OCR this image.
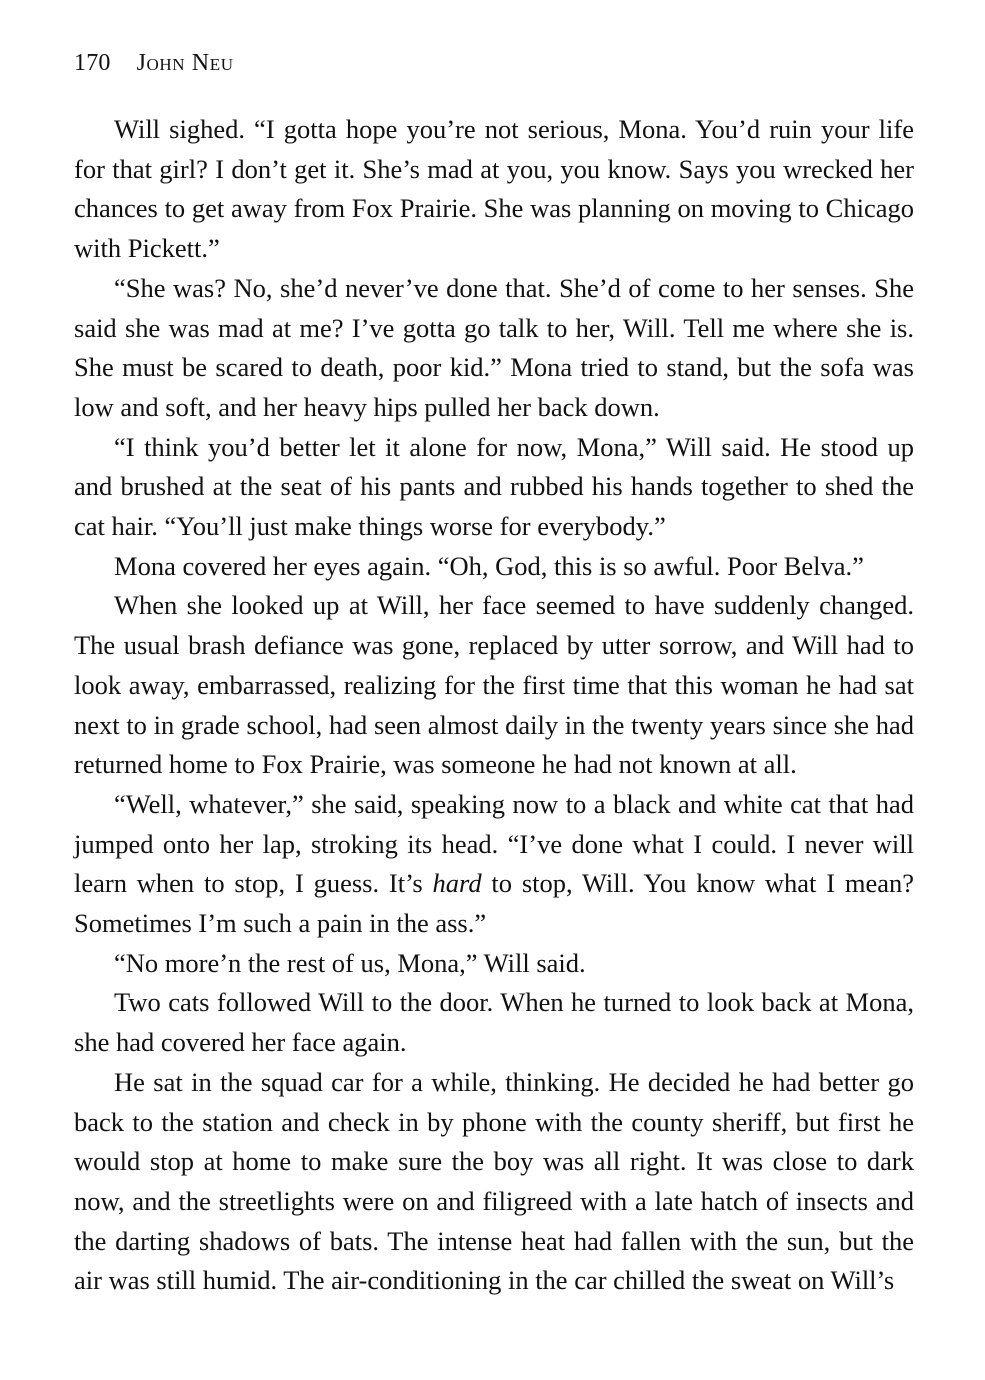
170 John Neu

Will sighed. “I gotta hope you’re not serious, Mona. You’d ruin your life for that girl? I don’t get it. She’s mad at you, you know. Says you wrecked her chances to get away from Fox Prairie. She was planning on moving to Chicago with Pickett.”

“She was? No, she’d never’ve done that. She’d of come to her senses. She said she was mad at me? I’ve gotta go talk to her, Will. Tell me where she is. She must be scared to death, poor kid.” Mona tried to stand, but the sofa was low and soft, and her heavy hips pulled her back down.

“I think you’d better let it alone for now, Mona,” Will said. He stood up and brushed at the seat of his pants and rubbed his hands together to shed the cat hair. “You’ll just make things worse for everybody.”

Mona covered her eyes again. “Oh, God, this is so awful. Poor Belva.”

When she looked up at Will, her face seemed to have suddenly changed. The usual brash defiance was gone, replaced by utter sorrow, and Will had to look away, embarrassed, realizing for the first time that this woman he had sat next to in grade school, had seen almost daily in the twenty years since she had returned home to Fox Prairie, was someone he had not known at all.

“Well, whatever,” she said, speaking now to a black and white cat that had jumped onto her lap, stroking its head. “I’ve done what I could. I never will learn when to stop, I guess. It’s hard to stop, Will. You know what I mean? Sometimes I’m such a pain in the ass.”

“No more’n the rest of us, Mona,” Will said.

Two cats followed Will to the door. When he turned to look back at Mona, she had covered her face again.

He sat in the squad car for a while, thinking. He decided he had better go back to the station and check in by phone with the county sheriff, but first he would stop at home to make sure the boy was all right. It was close to dark now, and the streetlights were on and filigreed with a late hatch of insects and the darting shadows of bats. The intense heat had fallen with the sun, but the air was still humid. The air-conditioning in the car chilled the sweat on Will’s
